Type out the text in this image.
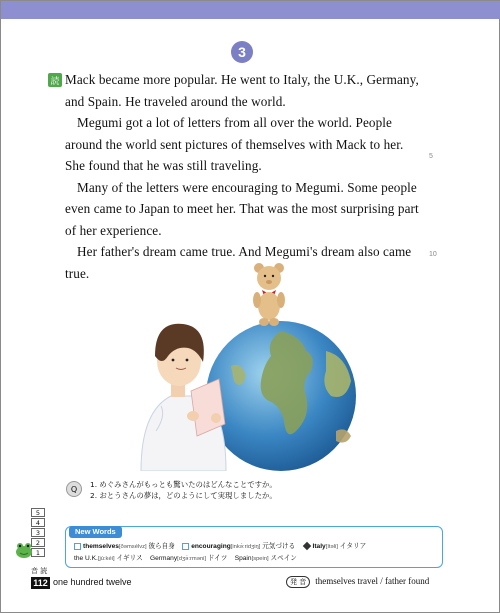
3
読 Mack became more popular. He went to Italy, the U.K., Germany, and Spain. He traveled around the world.

Megumi got a lot of letters from all over the world. People around the world sent pictures of themselves with Mack to her. She found that he was still traveling.

Many of the letters were encouraging to Megumi. Some people even came to Japan to meet her. That was the most surprising part of her experience.

Her father's dream came true. And Megumi's dream also came true.

5
10
Q	1. めぐみさんがもっとも驚いたのはどんなことですか。
2. おとうさんの夢は，どのようにして実現しましたか。
5
4
3
2
1
New Words
themselves[ðəmsélvz] 彼ら自身 encouraging[inkə́:ridʒiŋ] 元気づける	Italy[ítəli] イタリア
the U.K.[jù:kéi] イギリス Germany[dʒə́:rməni] ドイツ Spain[spein] スペイン
音 読
112 one hundred twelve	発 音 themselves travel / father found
